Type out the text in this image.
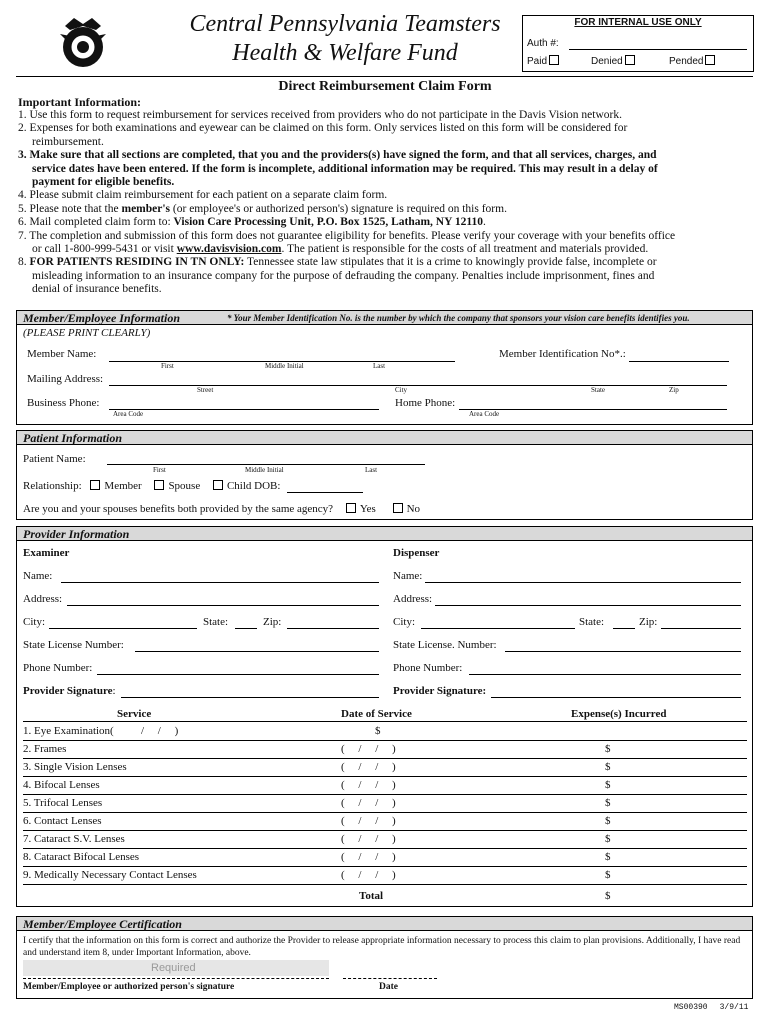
Central Pennsylvania Teamsters
Health & Welfare Fund
FOR INTERNAL USE ONLY
Auth #:
Paid	Denied	Pended
Direct Reimbursement Claim Form
Important Information:
1. Use this form to request reimbursement for services received from providers who do not participate in the Davis Vision network.
2. Expenses for both examinations and eyewear can be claimed on this form. Only services listed on this form will be considered for
reimbursement.
3. Make sure that all sections are completed, that you and the providers(s) have signed the form, and that all services, charges, and
service dates have been entered. If the form is incomplete, additional information may be required. This may result in a delay of
payment for eligible benefits.
4. Please submit claim reimbursement for each patient on a separate claim form.
5. Please note that the member's (or employee's or authorized person's) signature is required on this form.
6. Mail completed claim form to: Vision Care Processing Unit, P.O. Box 1525, Latham, NY 12110.
7. The completion and submission of this form does not guarantee eligibility for benefits. Please verify your coverage with your benefits office
or call 1-800-999-5431 or visit www.davisvision.com. The patient is responsible for the costs of all treatment and materials provided.
8. FOR PATIENTS RESIDING IN TN ONLY: Tennessee state law stipulates that it is a crime to knowingly provide false, incomplete or
misleading information to an insurance company for the purpose of defrauding the company. Penalties include imprisonment, fines and
denial of insurance benefits.
Member/Employee Information	* Your Member Identification No. is the number by which the company that sponsors your vision care benefits identifies you.
(PLEASE PRINT CLEARLY)
Member Name:
First	Middle Initial	Last
Member Identification No*.:
Mailing Address:
Street	City	State	Zip
Business Phone:
Area Code
Home Phone:
Area Code
Patient Information
Patient Name:
First	Middle Initial	Last
Relationship: Member Spouse Child DOB:
Are you and your spouses benefits both provided by the same agency? Yes	No
Provider Information
Examiner	Dispenser
Name:
Address:
City:	State:	Zip:
State License Number:
Phone Number:
Provider Signature:
Name:
Address:
City:	State:	Zip:
State License. Number:
Phone Number:
Provider Signature:
Service	Date of Service	Expense(s) Incurred
1. Eye Examination( /     /     )	$
2. Frames	(     /     /     )	$
3. Single Vision Lenses	(     /     /     )	$
4. Bifocal Lenses	(     /     /     )	$
5. Trifocal Lenses	(     /     /     )	$
6. Contact Lenses	(     /     /     )	$
7. Cataract S.V. Lenses	(     /     /     )	$
8. Cataract Bifocal Lenses	(     /     /     )	$
9. Medically Necessary Contact Lenses	(     /     /     )	$
Total	$
Member/Employee Certification
I certify that the information on this form is correct and authorize the Provider to release appropriate information necessary to process this claim to plan provisions. Additionally, I have read and understand item 8, under Important Information, above.
Required
Member/Employee or authorized person's signature	Date
MS00390 3/9/11
